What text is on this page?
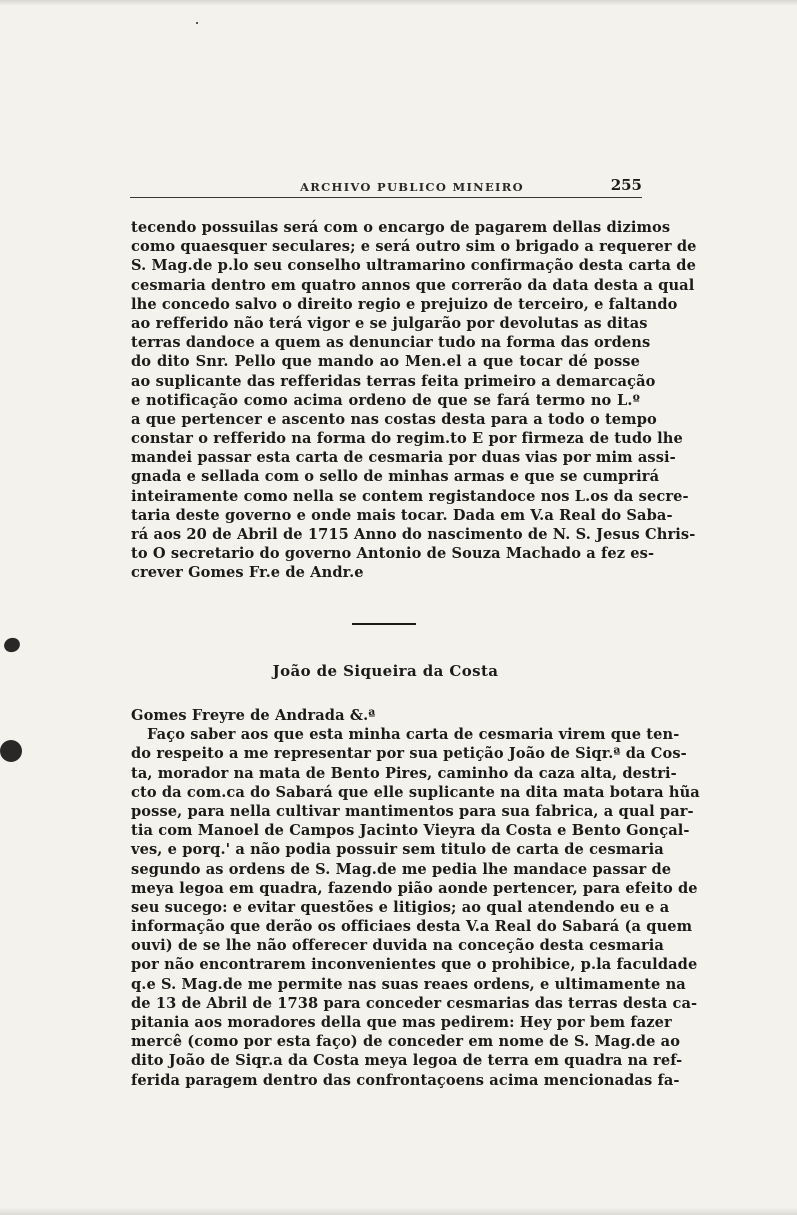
ARCHIVO PUBLICO MINEIRO	255
tecendo possuilas será com o encargo de pagarem dellas dizimos
como quaesquer seculares; e será outro sim o brigado a requerer de
S. Mag.de p.lo seu conselho ultramarino confirmação desta carta de
cesmaria dentro em quatro annos que correrão da data desta a qual
lhe concedo salvo o direito regio e prejuizo de terceiro, e faltando
ao refferido não terá vigor e se julgarão por devolutas as ditas
terras dandoce a quem as denunciar tudo na forma das ordens
do dito Snr. Pello que mando ao Men.el a que tocar dé posse
ao suplicante das refferidas terras feita primeiro a demarcação
e notificação como acima ordeno de que se fará termo no L.º
a que pertencer e ascento nas costas desta para a todo o tempo
constar o refferido na forma do regim.to E por firmeza de tudo lhe
mandei passar esta carta de cesmaria por duas vias por mim assi-
gnada e sellada com o sello de minhas armas e que se cumprirá
inteiramente como nella se contem registandoce nos L.os da secre-
taria deste governo e onde mais tocar. Dada em V.a Real do Saba-
rá aos 20 de Abril de 1715 Anno do nascimento de N. S. Jesus Chris-
to O secretario do governo Antonio de Souza Machado a fez es-
crever Gomes Fr.e de Andr.e
João de Siqueira da Costa
Gomes Freyre de Andrada &.ª
Faço saber aos que esta minha carta de cesmaria virem que ten-
do respeito a me representar por sua petição João de Siqr.ª da Cos-
ta, morador na mata de Bento Pires, caminho da caza alta, destri-
cto da com.ca do Sabará que elle suplicante na dita mata botara hũa
posse, para nella cultivar mantimentos para sua fabrica, a qual par-
tia com Manoel de Campos Jacinto Vieyra da Costa e Bento Gonçal-
ves, e porq.' a não podia possuir sem titulo de carta de cesmaria
segundo as ordens de S. Mag.de me pedia lhe mandace passar de
meya legoa em quadra, fazendo pião aonde pertencer, para efeito de
seu sucego: e evitar questões e litigios; ao qual atendendo eu e a
informação que derão os officiaes desta V.a Real do Sabará (a quem
ouvi) de se lhe não offerecer duvida na conceção desta cesmaria
por não encontrarem inconvenientes que o prohibice, p.la faculdade
q.e S. Mag.de me permite nas suas reaes ordens, e ultimamente na
de 13 de Abril de 1738 para conceder cesmarias das terras desta ca-
pitania aos moradores della que mas pedirem: Hey por bem fazer
mercê (como por esta faço) de conceder em nome de S. Mag.de ao
dito João de Siqr.a da Costa meya legoa de terra em quadra na ref-
ferida paragem dentro das confrontaçoens acima mencionadas fa-
